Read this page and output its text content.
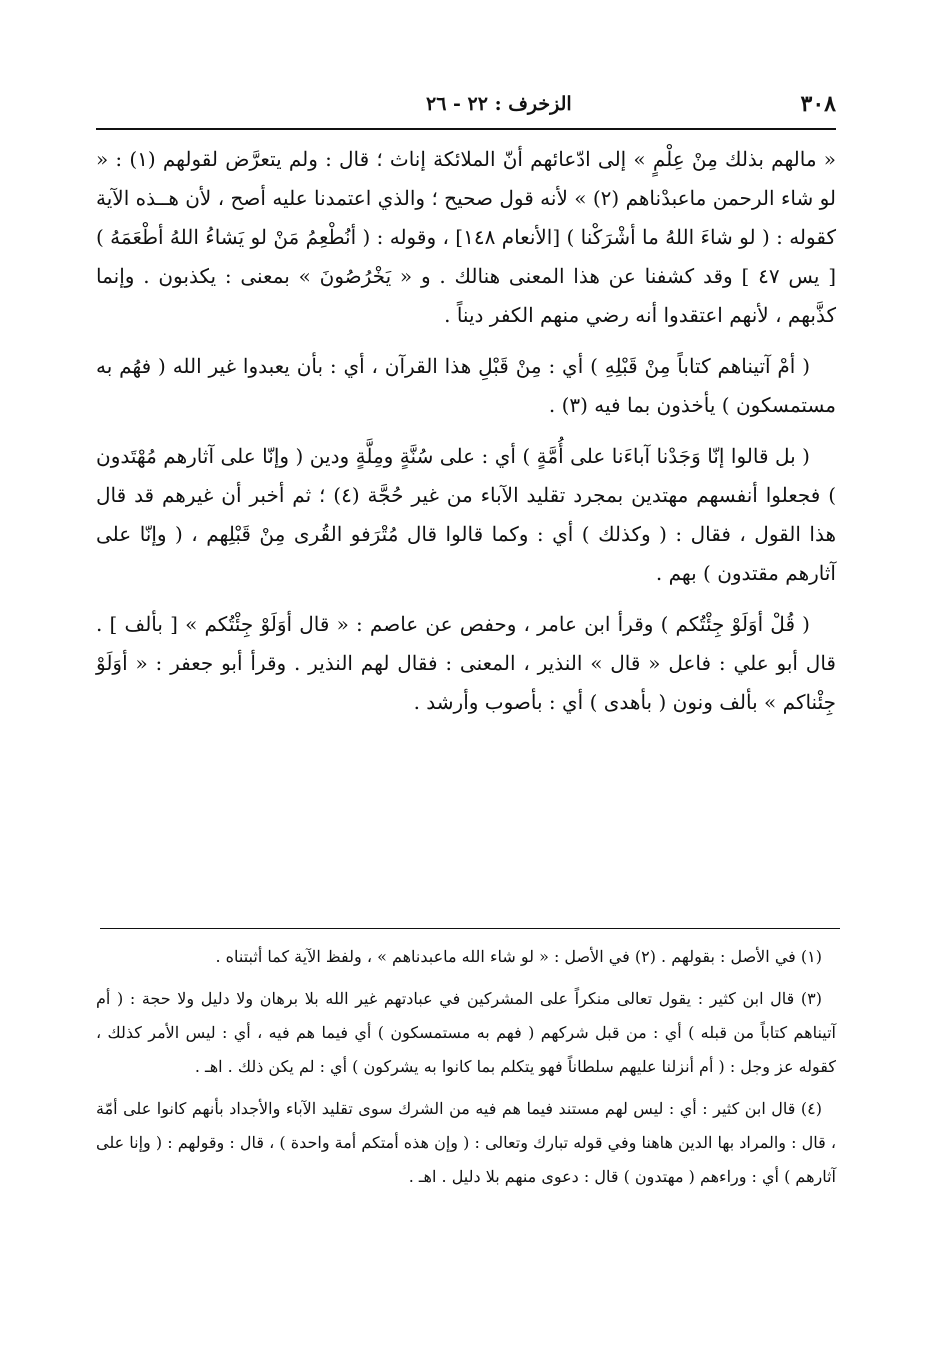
٣٠٨
الزخرف : ٢٢ - ٢٦

« مالهم بذلك مِنْ عِلْمٍ » إلى ادّعائهم أنّ الملائكة إناث ؛ قال : ولم يتعرَّض لقولهم (١) : « لو شاء الرحمن ماعبدْناهم (٢) » لأنه قول صحيح ؛ والذي اعتمدنا عليه أصح ، لأن هــذه الآية كقوله : ( لو شاءَ اللهُ ما أشْرَكْنا ) [الأنعام ١٤٨] ، وقوله : ( أنُطْعِمُ مَنْ لو يَشاءُ اللهُ أطْعَمَهُ ) [ يس ٤٧ ] وقد كشفنا عن هذا المعنى هنالك . و « يَخْرُصُونَ » بمعنى : يكذبون . وإنما كذَّبهم ، لأنهم اعتقدوا أنه رضي منهم الكفر ديناً .

( أمْ آتيناهم كتاباً مِنْ قَبْلِهِ ) أي : مِنْ قَبْلِ هذا القرآن ، أي : بأن يعبدوا غير الله ( فهُم به مستمسكون ) يأخذون بما فيه (٣) .

( بل قالوا إنّا وَجَدْنا آباءَنا على أُمَّةٍ ) أي : على سُنَّةٍ ومِلَّةٍ ودين ( وإنّا على آثارهم مُهْتَدون ) فجعلوا أنفسهم مهتدين بمجرد تقليد الآباء من غير حُجَّة (٤) ؛ ثم أخبر أن غيرهم قد قال هذا القول ، فقال : ( وكذلك ) أي : وكما قالوا قال مُتْرَفو القُرى مِنْ قَبْلِهم ، ( وإنّا على آثارهم مقتدون ) بهم .

( قُلْ أوَلَوْ جِئْتُكم ) وقرأ ابن عامر ، وحفص عن عاصم : « قال أوَلَوْ جِئْتُكم » [ بألف ] . قال أبو علي : فاعل « قال » النذير ، المعنى : فقال لهم النذير . وقرأ أبو جعفر : « أوَلَوْ جِئْناكم » بألف ونون ( بأهدى ) أي : بأصوب وأرشد .

(١) في الأصل : بقولهم . (٢) في الأصل : « لو شاء الله ماعبدناهم » ، ولفظ الآية كما أثبتناه .

(٣) قال ابن كثير : يقول تعالى منكراً على المشركين في عبادتهم غير الله بلا برهان ولا دليل ولا حجة : ( أم آتيناهم كتاباً من قبله ) أي : من قبل شركهم ( فهم به مستمسكون ) أي فيما هم فيه ، أي : ليس الأمر كذلك ، كقوله عز وجل : ( أم أنزلنا عليهم سلطاناً فهو يتكلم بما كانوا به يشركون ) أي : لم يكن ذلك . اهـ .

(٤) قال ابن كثير : أي : ليس لهم مستند فيما هم فيه من الشرك سوى تقليد الآباء والأجداد بأنهم كانوا على أمّة ، قال : والمراد بها الدين هاهنا وفي قوله تبارك وتعالى : ( وإن هذه أمتكم أمة واحدة ) ، قال : وقولهم : ( وإنا على آثارهم ) أي : وراءهم ( مهتدون ) قال : دعوى منهم بلا دليل . اهـ .
